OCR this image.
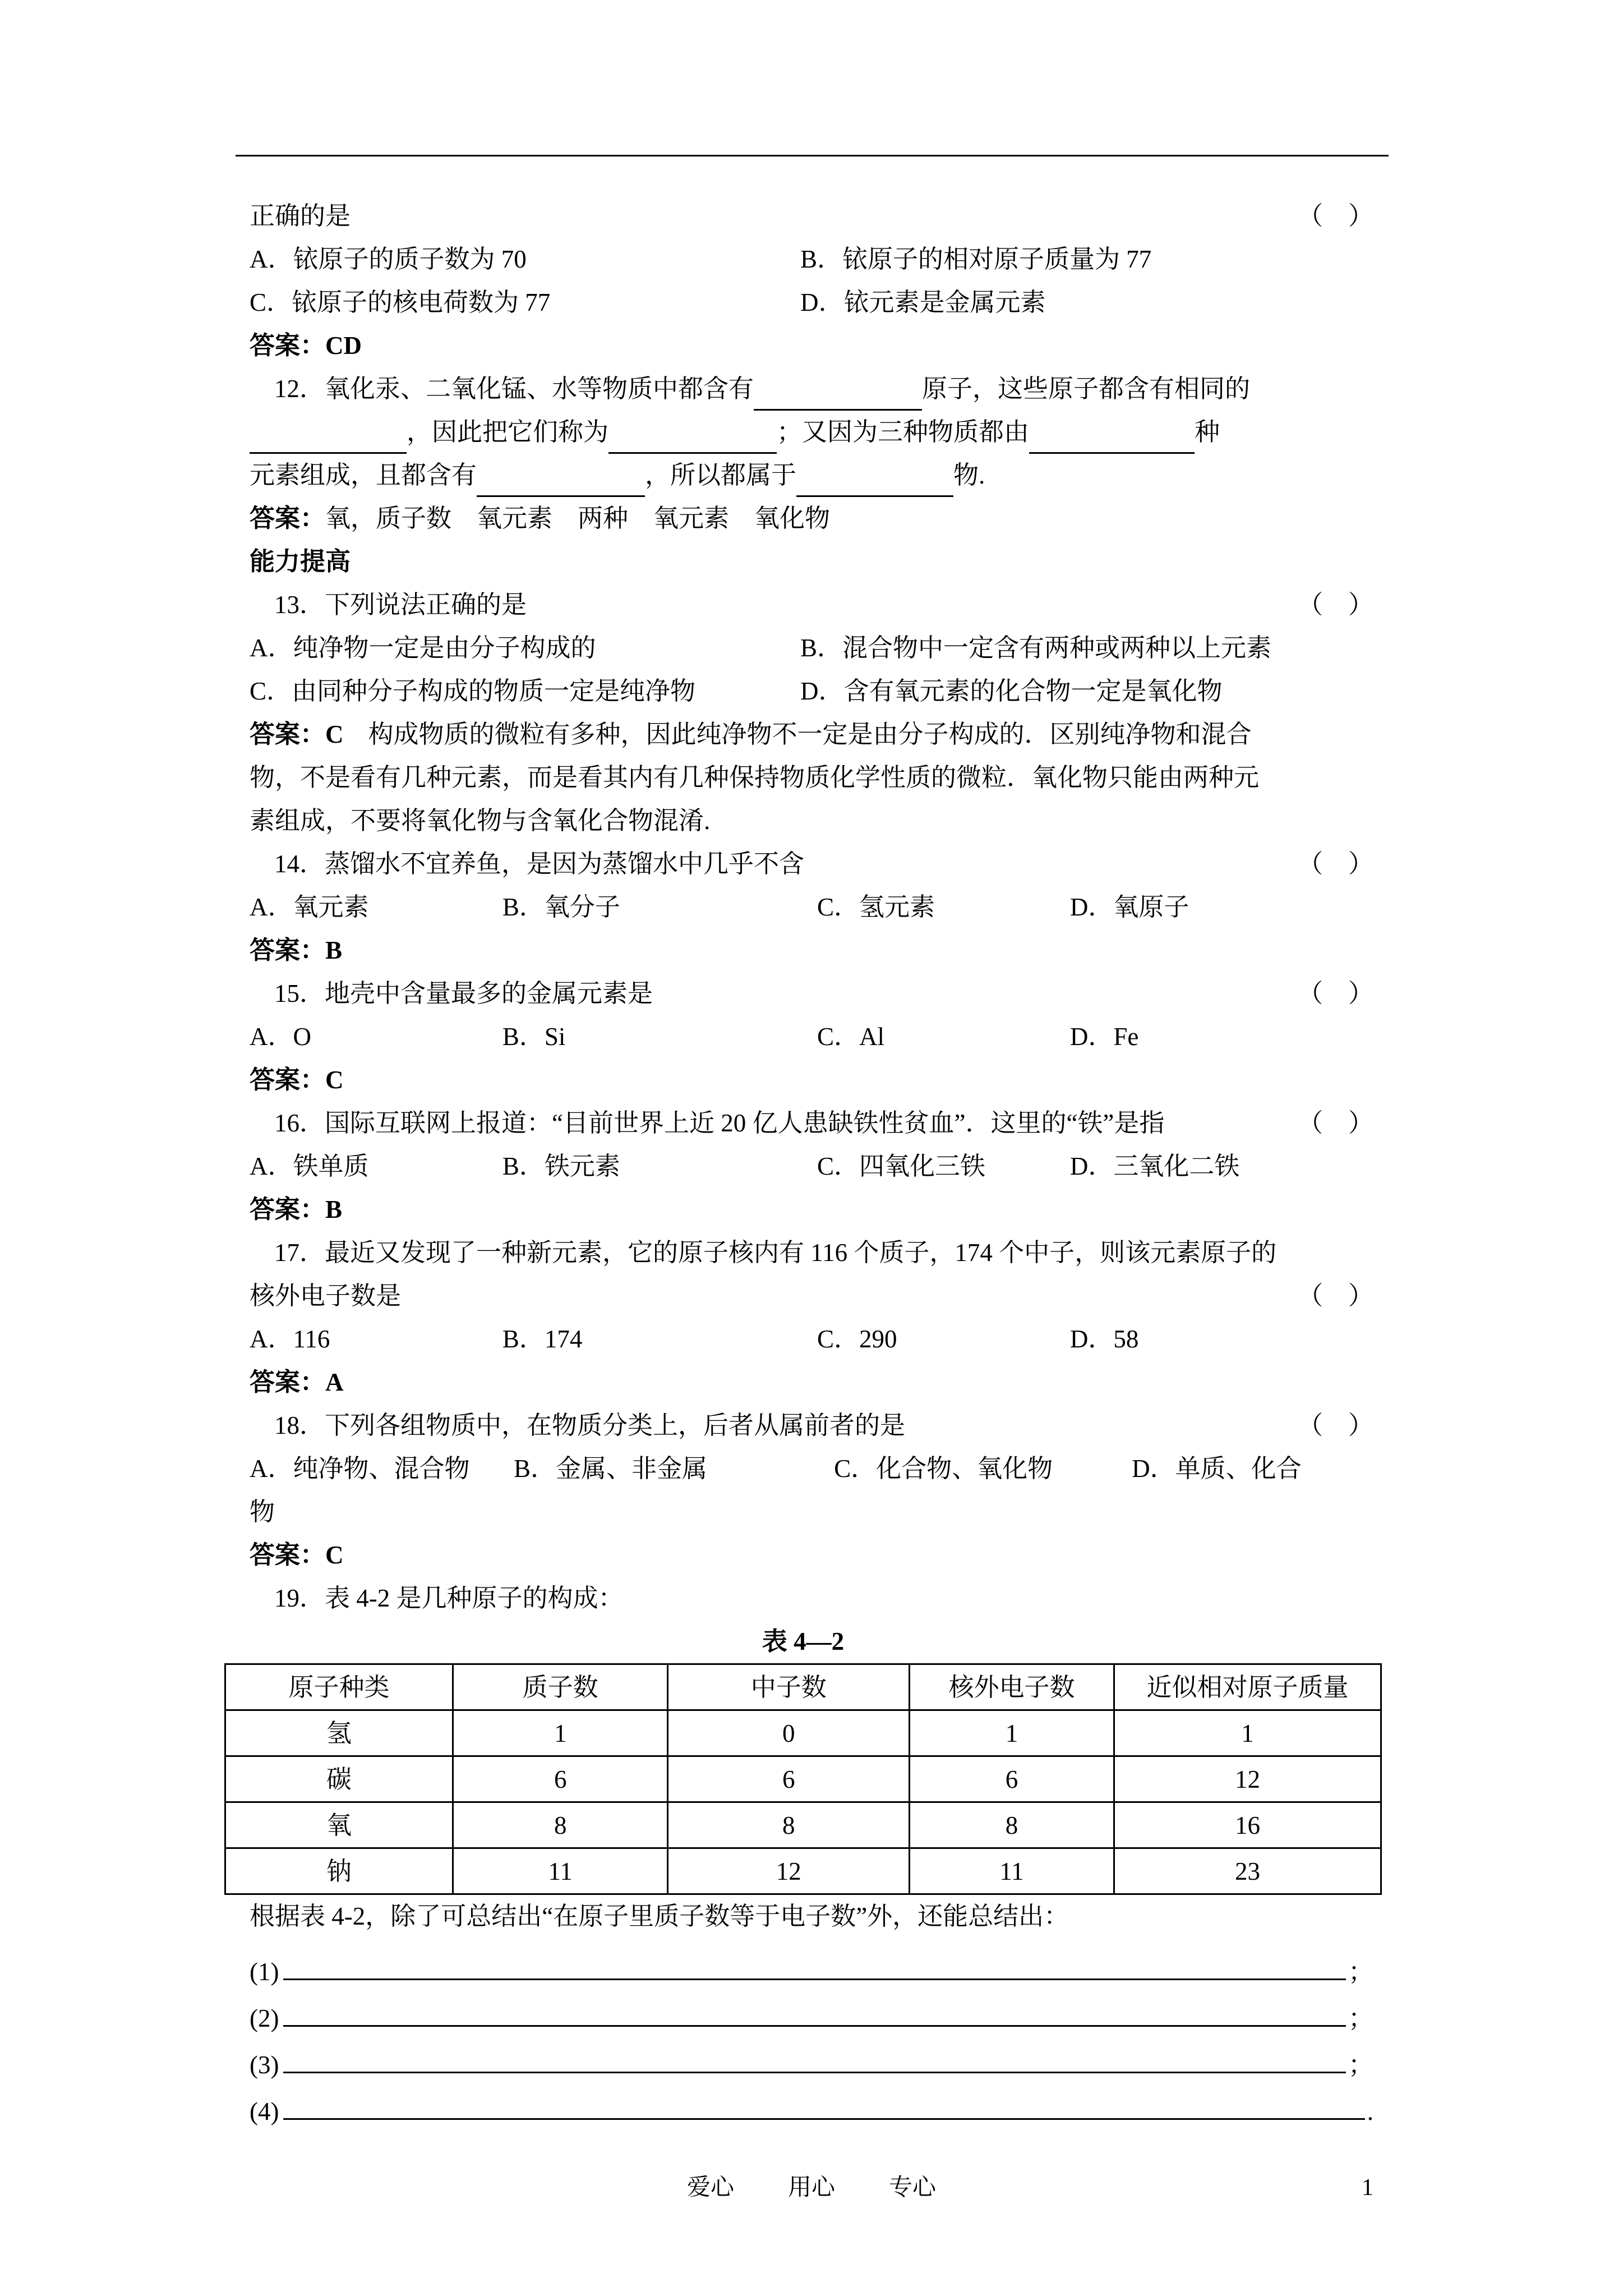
正确的是	（　）
A．铱原子的质子数为 70	B．铱原子的相对原子质量为 77
C．铱原子的核电荷数为 77	D．铱元素是金属元素
答案：CD
12．氧化汞、二氧化锰、水等物质中都含有	原子，这些原子都含有相同的
，因此把它们称为	；又因为三种物质都由	种
元素组成，且都含有	，所以都属于	物.
答案：氧，质子数　氧元素　两种　氧元素　氧化物
能力提高
13．下列说法正确的是	（　）
A．纯净物一定是由分子构成的	B．混合物中一定含有两种或两种以上元素
C．由同种分子构成的物质一定是纯净物	D．含有氧元素的化合物一定是氧化物
答案：C 构成物质的微粒有多种，因此纯净物不一定是由分子构成的．区别纯净物和混合
物，不是看有几种元素，而是看其内有几种保持物质化学性质的微粒．氧化物只能由两种元
素组成，不要将氧化物与含氧化合物混淆.
14．蒸馏水不宜养鱼，是因为蒸馏水中几乎不含	（　）
A．氧元素	B．氧分子	C．氢元素	D．氧原子
答案：B
15．地壳中含量最多的金属元素是	（　）
A．O	B．Si	C．Al	D．Fe
答案：C
16．国际互联网上报道：“目前世界上近 20 亿人患缺铁性贫血”．这里的“铁”是指	（　）
A．铁单质	B．铁元素	C．四氧化三铁	D．三氧化二铁
答案：B
17．最近又发现了一种新元素，它的原子核内有 116 个质子，174 个中子，则该元素原子的
核外电子数是	（　）
A．116	B．174	C．290	D．58
答案：A
18．下列各组物质中，在物质分类上，后者从属前者的是	（　）
A．纯净物、混合物	B．金属、非金属	C．化合物、氧化物	D．单质、化合
物
答案：C
19．表 4-2 是几种原子的构成：
表 4—2
原子种类	质子数	中子数	核外电子数	近似相对原子质量
氢	1	0	1	1
碳	6	6	6	12
氧	8	8	8	16
钠	11	12	11	23
根据表 4-2，除了可总结出“在原子里质子数等于电子数”外，还能总结出：
(1)	；
(2)	；
(3)	；
(4)	.
爱心 用心 专心	1
